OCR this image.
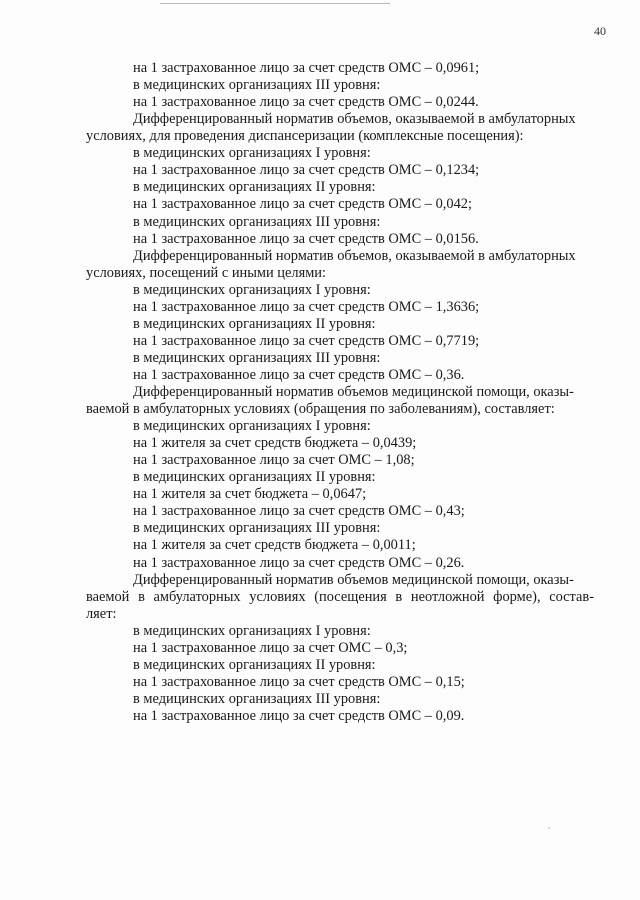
40
на 1 застрахованное лицо за счет средств ОМС – 0,0961;
в медицинских организациях III уровня:
на 1 застрахованное лицо за счет средств ОМС – 0,0244.
Дифференцированный норматив объемов, оказываемой в амбулаторных
условиях, для проведения диспансеризации (комплексные посещения):
в медицинских организациях I уровня:
на 1 застрахованное лицо за счет средств ОМС – 0,1234;
в медицинских организациях II уровня:
на 1 застрахованное лицо за счет средств ОМС – 0,042;
в медицинских организациях III уровня:
на 1 застрахованное лицо за счет средств ОМС – 0,0156.
Дифференцированный норматив объемов, оказываемой в амбулаторных
условиях, посещений с иными целями:
в медицинских организациях I уровня:
на 1 застрахованное лицо за счет средств ОМС – 1,3636;
в медицинских организациях II уровня:
на 1 застрахованное лицо за счет средств ОМС – 0,7719;
в медицинских организациях III уровня:
на 1 застрахованное лицо за счет средств ОМС – 0,36.
Дифференцированный норматив объемов медицинской помощи, оказы-
ваемой в амбулаторных условиях (обращения по заболеваниям), составляет:
в медицинских организациях I уровня:
на 1 жителя за счет средств бюджета – 0,0439;
на 1 застрахованное лицо за счет ОМС – 1,08;
в медицинских организациях II уровня:
на 1 жителя за счет бюджета – 0,0647;
на 1 застрахованное лицо за счет средств ОМС – 0,43;
в медицинских организациях III уровня:
на 1 жителя за счет средств бюджета – 0,0011;
на 1 застрахованное лицо за счет средств ОМС – 0,26.
Дифференцированный норматив объемов медицинской помощи, оказы-
ваемой в амбулаторных условиях (посещения в неотложной форме), состав-
ляет:
в медицинских организациях I уровня:
на 1 застрахованное лицо за счет ОМС – 0,3;
в медицинских организациях II уровня:
на 1 застрахованное лицо за счет средств ОМС – 0,15;
в медицинских организациях III уровня:
на 1 застрахованное лицо за счет средств ОМС – 0,09.
